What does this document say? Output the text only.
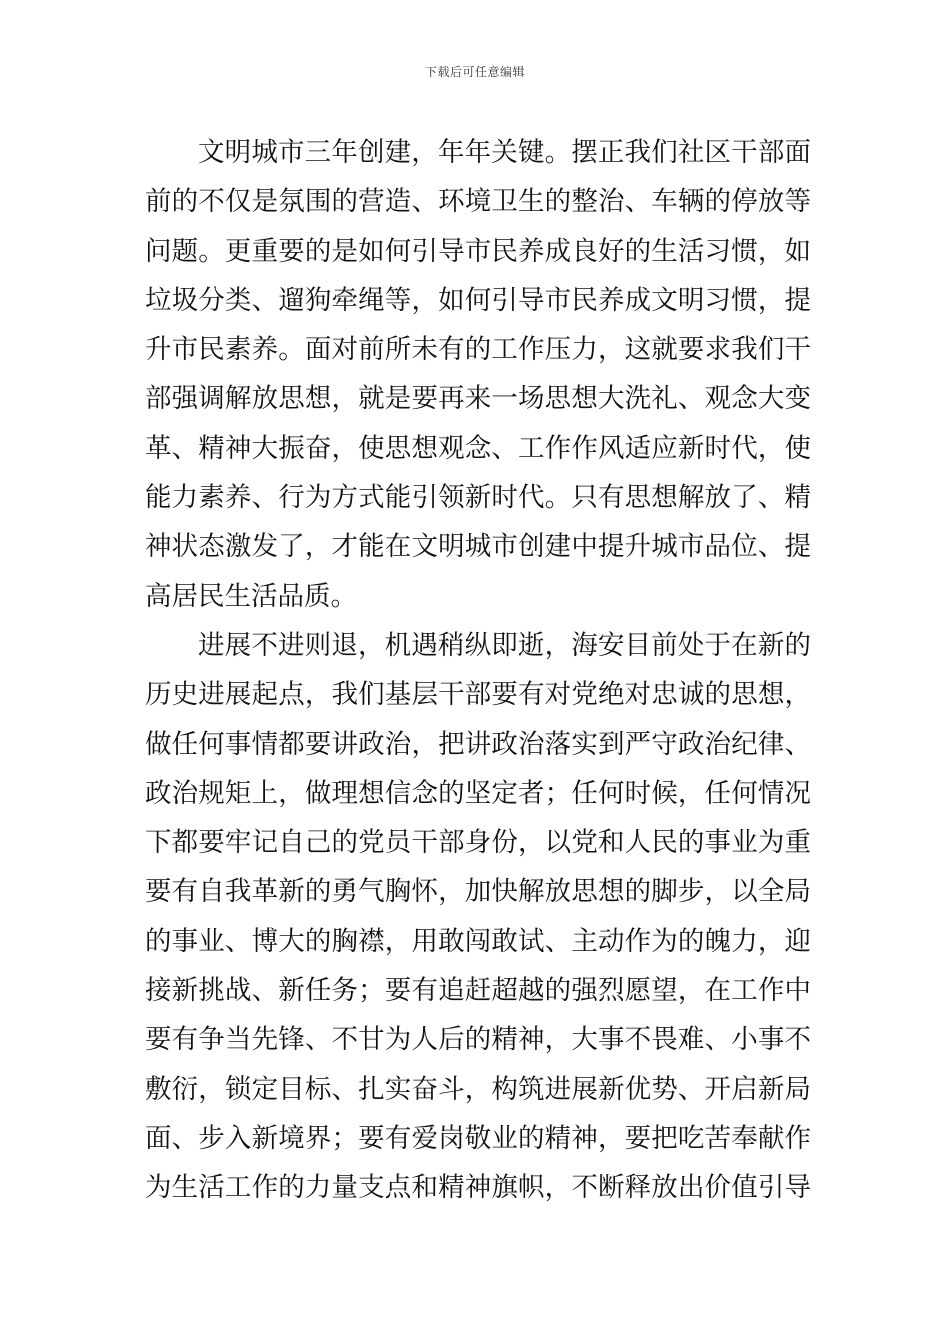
下载后可任意编辑
文明城市三年创建，年年关键。摆正我们社区干部面
前的不仅是氛围的营造、环境卫生的整治、车辆的停放等
问题。更重要的是如何引导市民养成良好的生活习惯，如
垃圾分类、遛狗牵绳等，如何引导市民养成文明习惯，提
升市民素养。面对前所未有的工作压力，这就要求我们干
部强调解放思想，就是要再来一场思想大洗礼、观念大变
革、精神大振奋，使思想观念、工作作风适应新时代，使
能力素养、行为方式能引领新时代。只有思想解放了、精
神状态激发了，才能在文明城市创建中提升城市品位、提
高居民生活品质。
进展不进则退，机遇稍纵即逝，海安目前处于在新的
历史进展起点，我们基层干部要有对党绝对忠诚的思想，
做任何事情都要讲政治，把讲政治落实到严守政治纪律、
政治规矩上，做理想信念的坚定者；任何时候，任何情况
下都要牢记自己的党员干部身份，以党和人民的事业为重
要有自我革新的勇气胸怀，加快解放思想的脚步，以全局
的事业、博大的胸襟，用敢闯敢试、主动作为的魄力，迎
接新挑战、新任务；要有追赶超越的强烈愿望，在工作中
要有争当先锋、不甘为人后的精神，大事不畏难、小事不
敷衍，锁定目标、扎实奋斗，构筑进展新优势、开启新局
面、步入新境界；要有爱岗敬业的精神，要把吃苦奉献作
为生活工作的力量支点和精神旗帜，不断释放出价值引导
